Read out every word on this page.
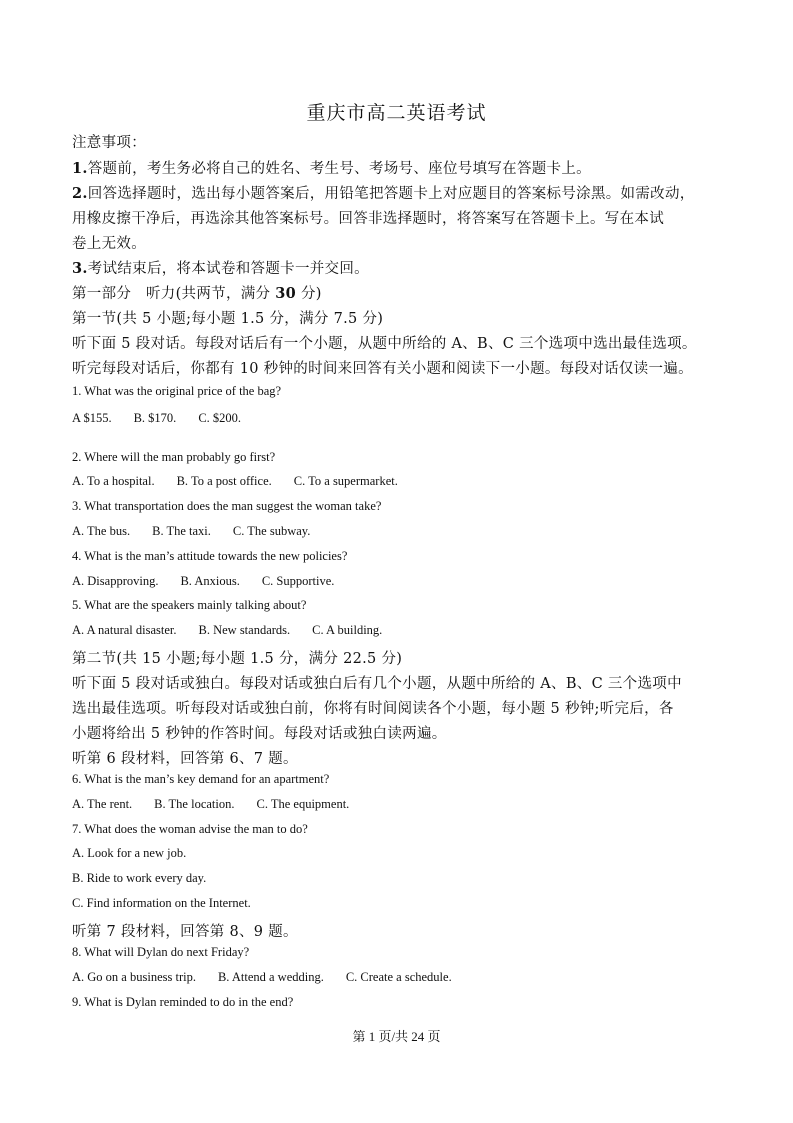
重庆市高二英语考试
注意事项：
1.答题前，考生务必将自己的姓名、考生号、考场号、座位号填写在答题卡上。
2.回答选择题时，选出每小题答案后，用铅笔把答题卡上对应题目的答案标号涂黑。如需改动，
用橡皮擦干净后，再选涂其他答案标号。回答非选择题时，将答案写在答题卡上。写在本试
卷上无效。
3.考试结束后，将本试卷和答题卡一并交回。
第一部分　听力(共两节，满分 30 分)
第一节(共 5 小题;每小题 1.5 分，满分 7.5 分)
听下面 5 段对话。每段对话后有一个小题，从题中所给的 A、B、C 三个选项中选出最佳选项。
听完每段对话后，你都有 10 秒钟的时间来回答有关小题和阅读下一小题。每段对话仅读一遍。
1. What was the original price of the bag?
A $155. B. $170. C. $200.
2. Where will the man probably go first?
A. To a hospital. B. To a post office. C. To a supermarket.
3. What transportation does the man suggest the woman take?
A. The bus. B. The taxi. C. The subway.
4. What is the man’s attitude towards the new policies?
A. Disapproving. B. Anxious. C. Supportive.
5. What are the speakers mainly talking about?
A. A natural disaster. B. New standards. C. A building.
第二节(共 15 小题;每小题 1.5 分，满分 22.5 分)
听下面 5 段对话或独白。每段对话或独白后有几个小题，从题中所给的 A、B、C 三个选项中
选出最佳选项。听每段对话或独白前，你将有时间阅读各个小题，每小题 5 秒钟;听完后，各
小题将给出 5 秒钟的作答时间。每段对话或独白读两遍。
听第 6 段材料，回答第 6、7 题。
6. What is the man’s key demand for an apartment?
A. The rent. B. The location. C. The equipment.
7. What does the woman advise the man to do?
A. Look for a new job.
B. Ride to work every day.
C. Find information on the Internet.
听第 7 段材料，回答第 8、9 题。
8. What will Dylan do next Friday?
A. Go on a business trip. B. Attend a wedding. C. Create a schedule.
9. What is Dylan reminded to do in the end?
第 1 页/共 24 页
